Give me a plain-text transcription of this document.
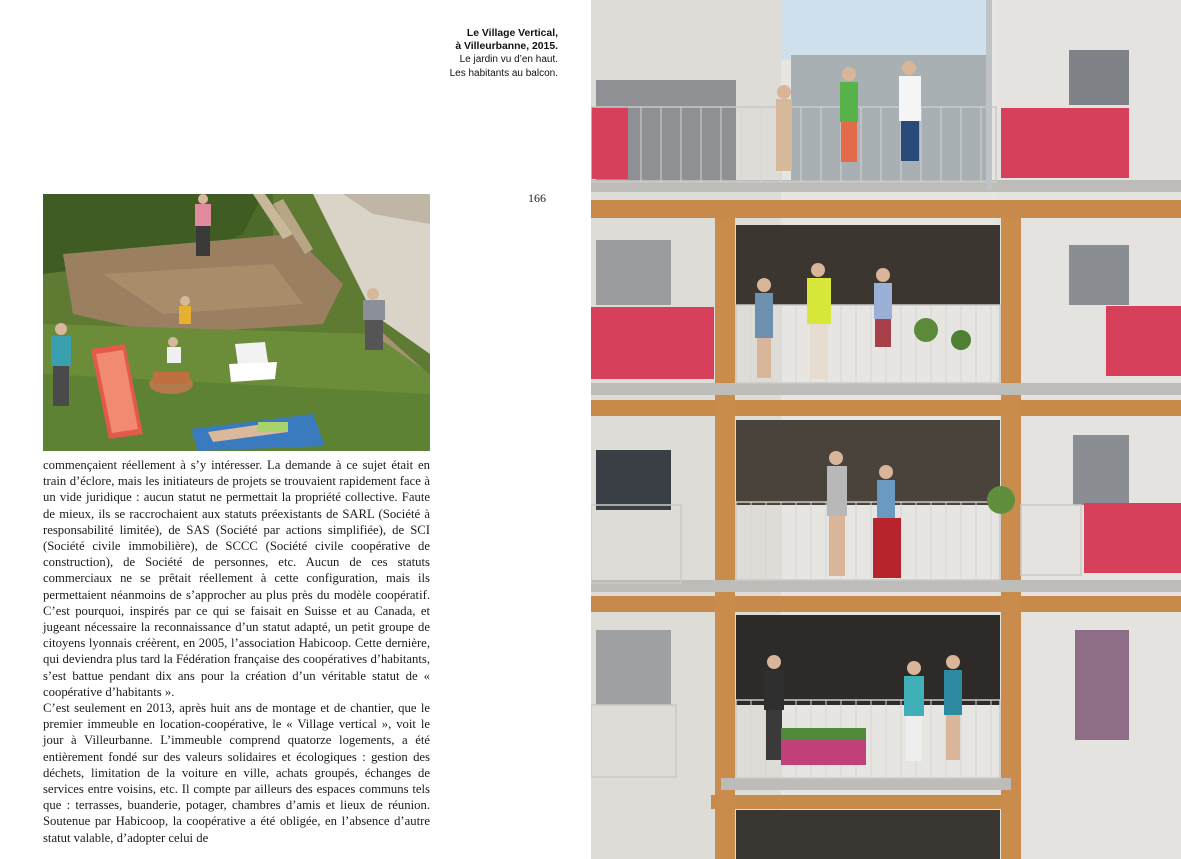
Le Village Vertical,
à Villeurbanne, 2015.
Le jardin vu d’en haut.
Les habitants au balcon.
166

commençaient réellement à s’y intéresser. La demande à ce sujet était en train d’éclore, mais les initiateurs de projets se trouvaient rapidement face à un vide juridique : aucun statut ne permettait la propriété collective. Faute de mieux, ils se raccrochaient aux statuts préexistants de SARL (Société à responsabilité limitée), de SAS (Société par actions simplifiée), de SCI (Société civile immobilière), de SCCC (Société civile coopérative de construction), de Société de personnes, etc. Aucun de ces statuts commerciaux ne se prêtait réellement à cette configuration, mais ils permettaient néanmoins de s’approcher au plus près du modèle coopératif. C’est pourquoi, inspirés par ce qui se faisait en Suisse et au Canada, et jugeant nécessaire la reconnaissance d’un statut adapté, un petit groupe de citoyens lyonnais créèrent, en 2005, l’association Habicoop. Cette dernière, qui deviendra plus tard la Fédération française des coopératives d’habitants, s’est battue pendant dix ans pour la création d’un véritable statut de « coopérative d’habitants ».

C’est seulement en 2013, après huit ans de montage et de chantier, que le premier immeuble en location-coopérative, le « Village vertical », voit le jour à Villeurbanne. L’immeuble comprend quatorze logements, a été entièrement fondé sur des valeurs solidaires et écologiques : gestion des déchets, limitation de la voiture en ville, achats groupés, échanges de services entre voisins, etc. Il compte par ailleurs des espaces communs tels que : terrasses, buanderie, potager, chambres d’amis et lieux de réunion. Soutenue par Habicoop, la coopérative a été obligée, en l’absence d’autre statut valable, d’adopter celui de
